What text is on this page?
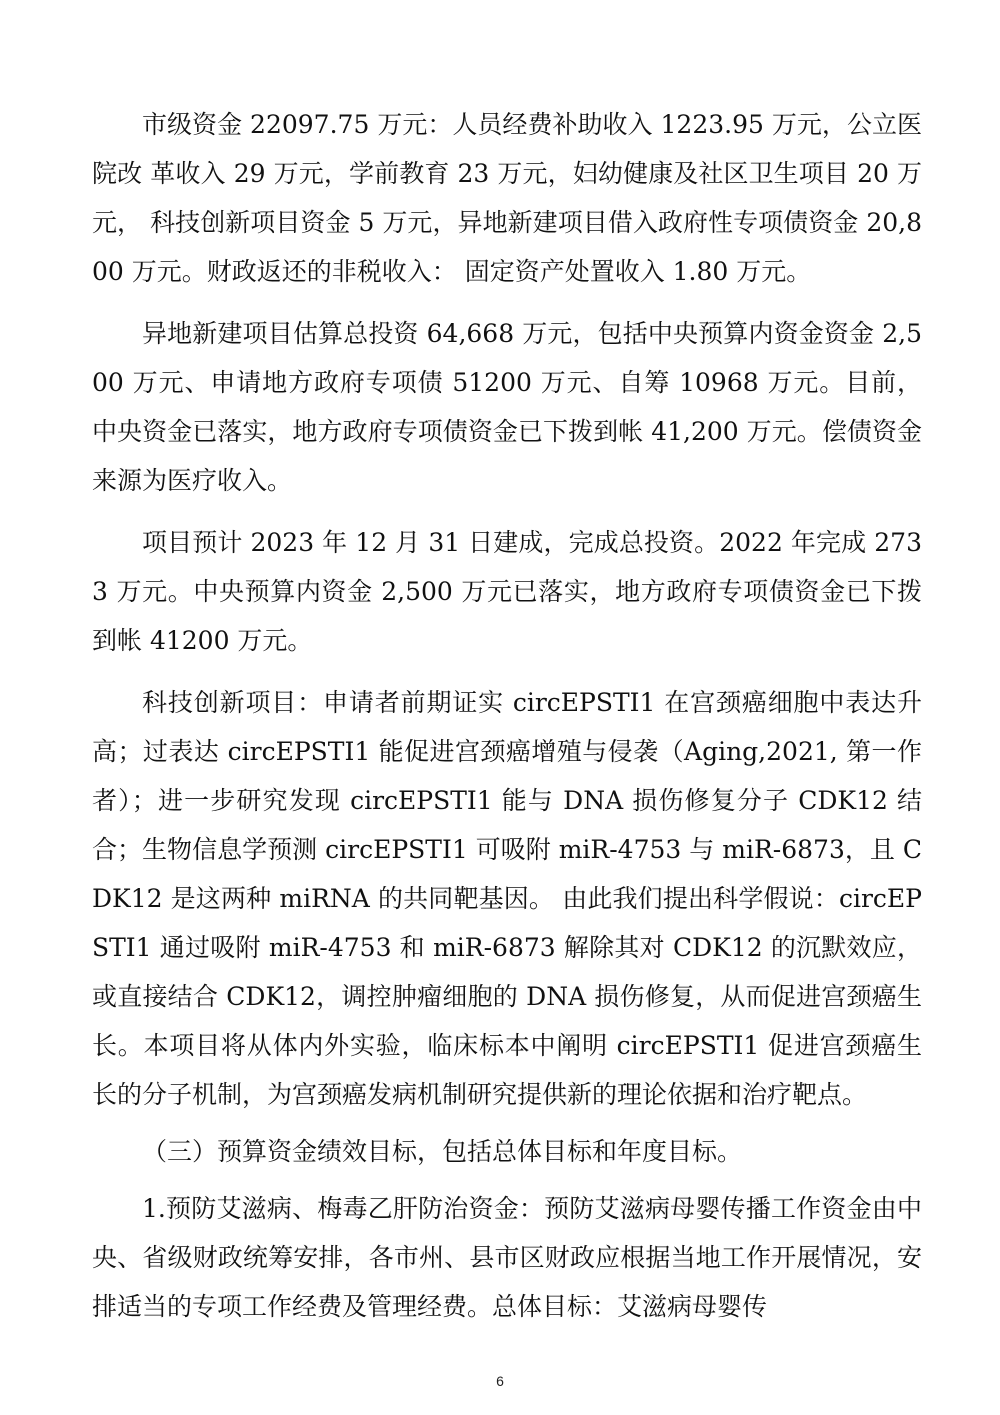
市级资金 22097.75 万元：人员经费补助收入 1223.95 万元，公立医院改 革收入 29 万元，学前教育 23 万元，妇幼健康及社区卫生项目 20 万元， 科技创新项目资金 5 万元，异地新建项目借入政府性专项债资金 20,800 万元。财政返还的非税收入： 固定资产处置收入 1.80 万元。

异地新建项目估算总投资 64,668 万元，包括中央预算内资金资金 2,500 万元、申请地方政府专项债 51200 万元、自筹 10968 万元。目前，中央资金已落实，地方政府专项债资金已下拨到帐 41,200 万元。偿债资金来源为医疗收入。

项目预计 2023 年 12 月 31 日建成，完成总投资。2022 年完成 2733 万元。中央预算内资金 2,500 万元已落实，地方政府专项债资金已下拨到帐 41200 万元。

科技创新项目：申请者前期证实 circEPSTI1 在宫颈癌细胞中表达升高；过表达 circEPSTI1 能促进宫颈癌增殖与侵袭（Aging,2021, 第一作者）；进一步研究发现 circEPSTI1 能与 DNA 损伤修复分子 CDK12 结合；生物信息学预测 circEPSTI1 可吸附 miR-4753 与 miR-6873，且 CDK12 是这两种 miRNA 的共同靶基因。 由此我们提出科学假说：circEPSTI1 通过吸附 miR-4753 和 miR-6873 解除其对 CDK12 的沉默效应，或直接结合 CDK12，调控肿瘤细胞的 DNA 损伤修复，从而促进宫颈癌生长。本项目将从体内外实验，临床标本中阐明 circEPSTI1 促进宫颈癌生长的分子机制，为宫颈癌发病机制研究提供新的理论依据和治疗靶点。

（三）预算资金绩效目标，包括总体目标和年度目标。

1.预防艾滋病、梅毒乙肝防治资金：预防艾滋病母婴传播工作资金由中央、省级财政统筹安排，各市州、县市区财政应根据当地工作开展情况，安排适当的专项工作经费及管理经费。总体目标：艾滋病母婴传

6
